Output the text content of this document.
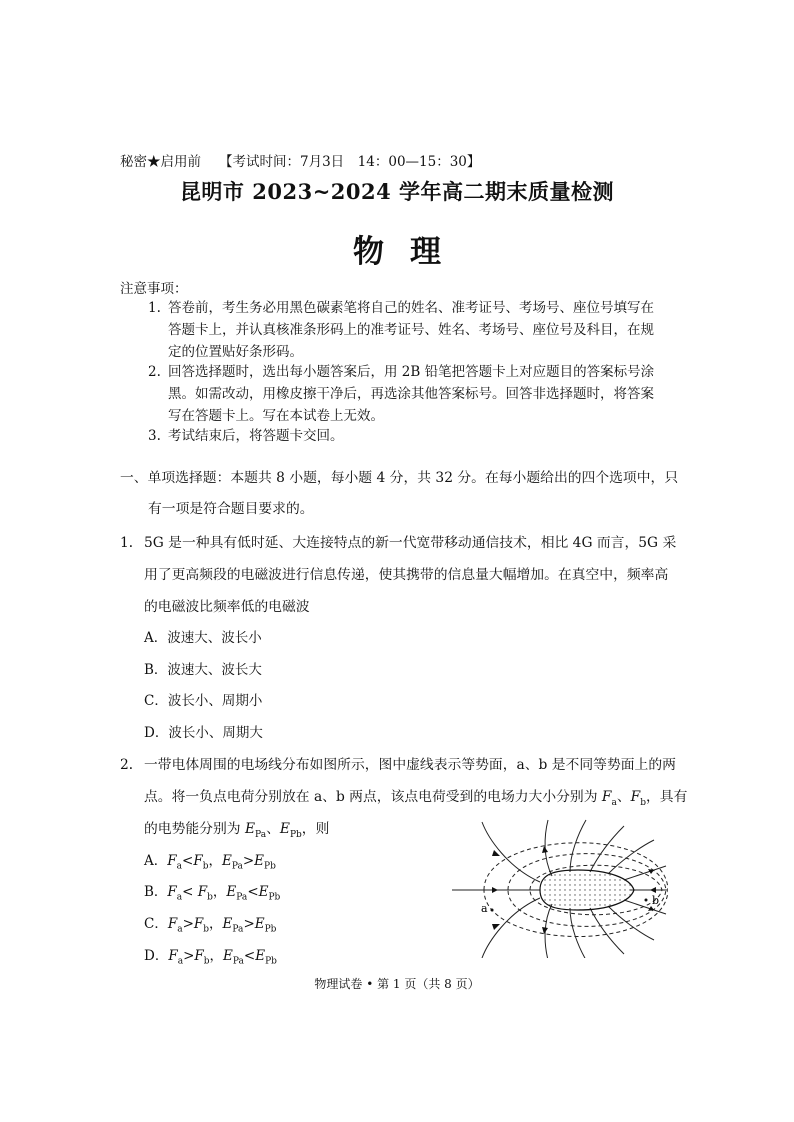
秘密★启用前 【考试时间：7月3日　14：00—15：30】
昆明市 2023~2024 学年高二期末质量检测
物理
注意事项：
1. 答卷前，考生务必用黑色碳素笔将自己的姓名、准考证号、考场号、座位号填写在
答题卡上，并认真核准条形码上的准考证号、姓名、考场号、座位号及科目，在规
定的位置贴好条形码。
2. 回答选择题时，选出每小题答案后，用 2B 铅笔把答题卡上对应题目的答案标号涂
黑。如需改动，用橡皮擦干净后，再选涂其他答案标号。回答非选择题时，将答案
写在答题卡上。写在本试卷上无效。
3. 考试结束后，将答题卡交回。
一、单项选择题：本题共 8 小题，每小题 4 分，共 32 分。在每小题给出的四个选项中，只
有一项是符合题目要求的。
1． 5G 是一种具有低时延、大连接特点的新一代宽带移动通信技术，相比 4G 而言，5G 采
用了更高频段的电磁波进行信息传递，使其携带的信息量大幅增加。在真空中，频率高
的电磁波比频率低的电磁波
A．波速大、波长小
B．波速大、波长大
C．波长小、周期小
D．波长小、周期大
2． 一带电体周围的电场线分布如图所示，图中虚线表示等势面，a、b 是不同等势面上的两
点。将一负点电荷分别放在 a、b 两点，该点电荷受到的电场力大小分别为 $F_a$、$F_b$，具有
的电势能分别为 $E_{Pa}$、$E_{Pb}$，则
A．$F_a<F_b$，$E_{Pa}>E_{Pb}$
B．$F_a< F_b$，$E_{Pa}<E_{Pb}$
C．$F_a>F_b$，$E_{Pa}>E_{Pb}$
D．$F_a>F_b$，$E_{Pa}<E_{Pb}$
a
b
物理试卷 • 第 1 页（共 8 页）
